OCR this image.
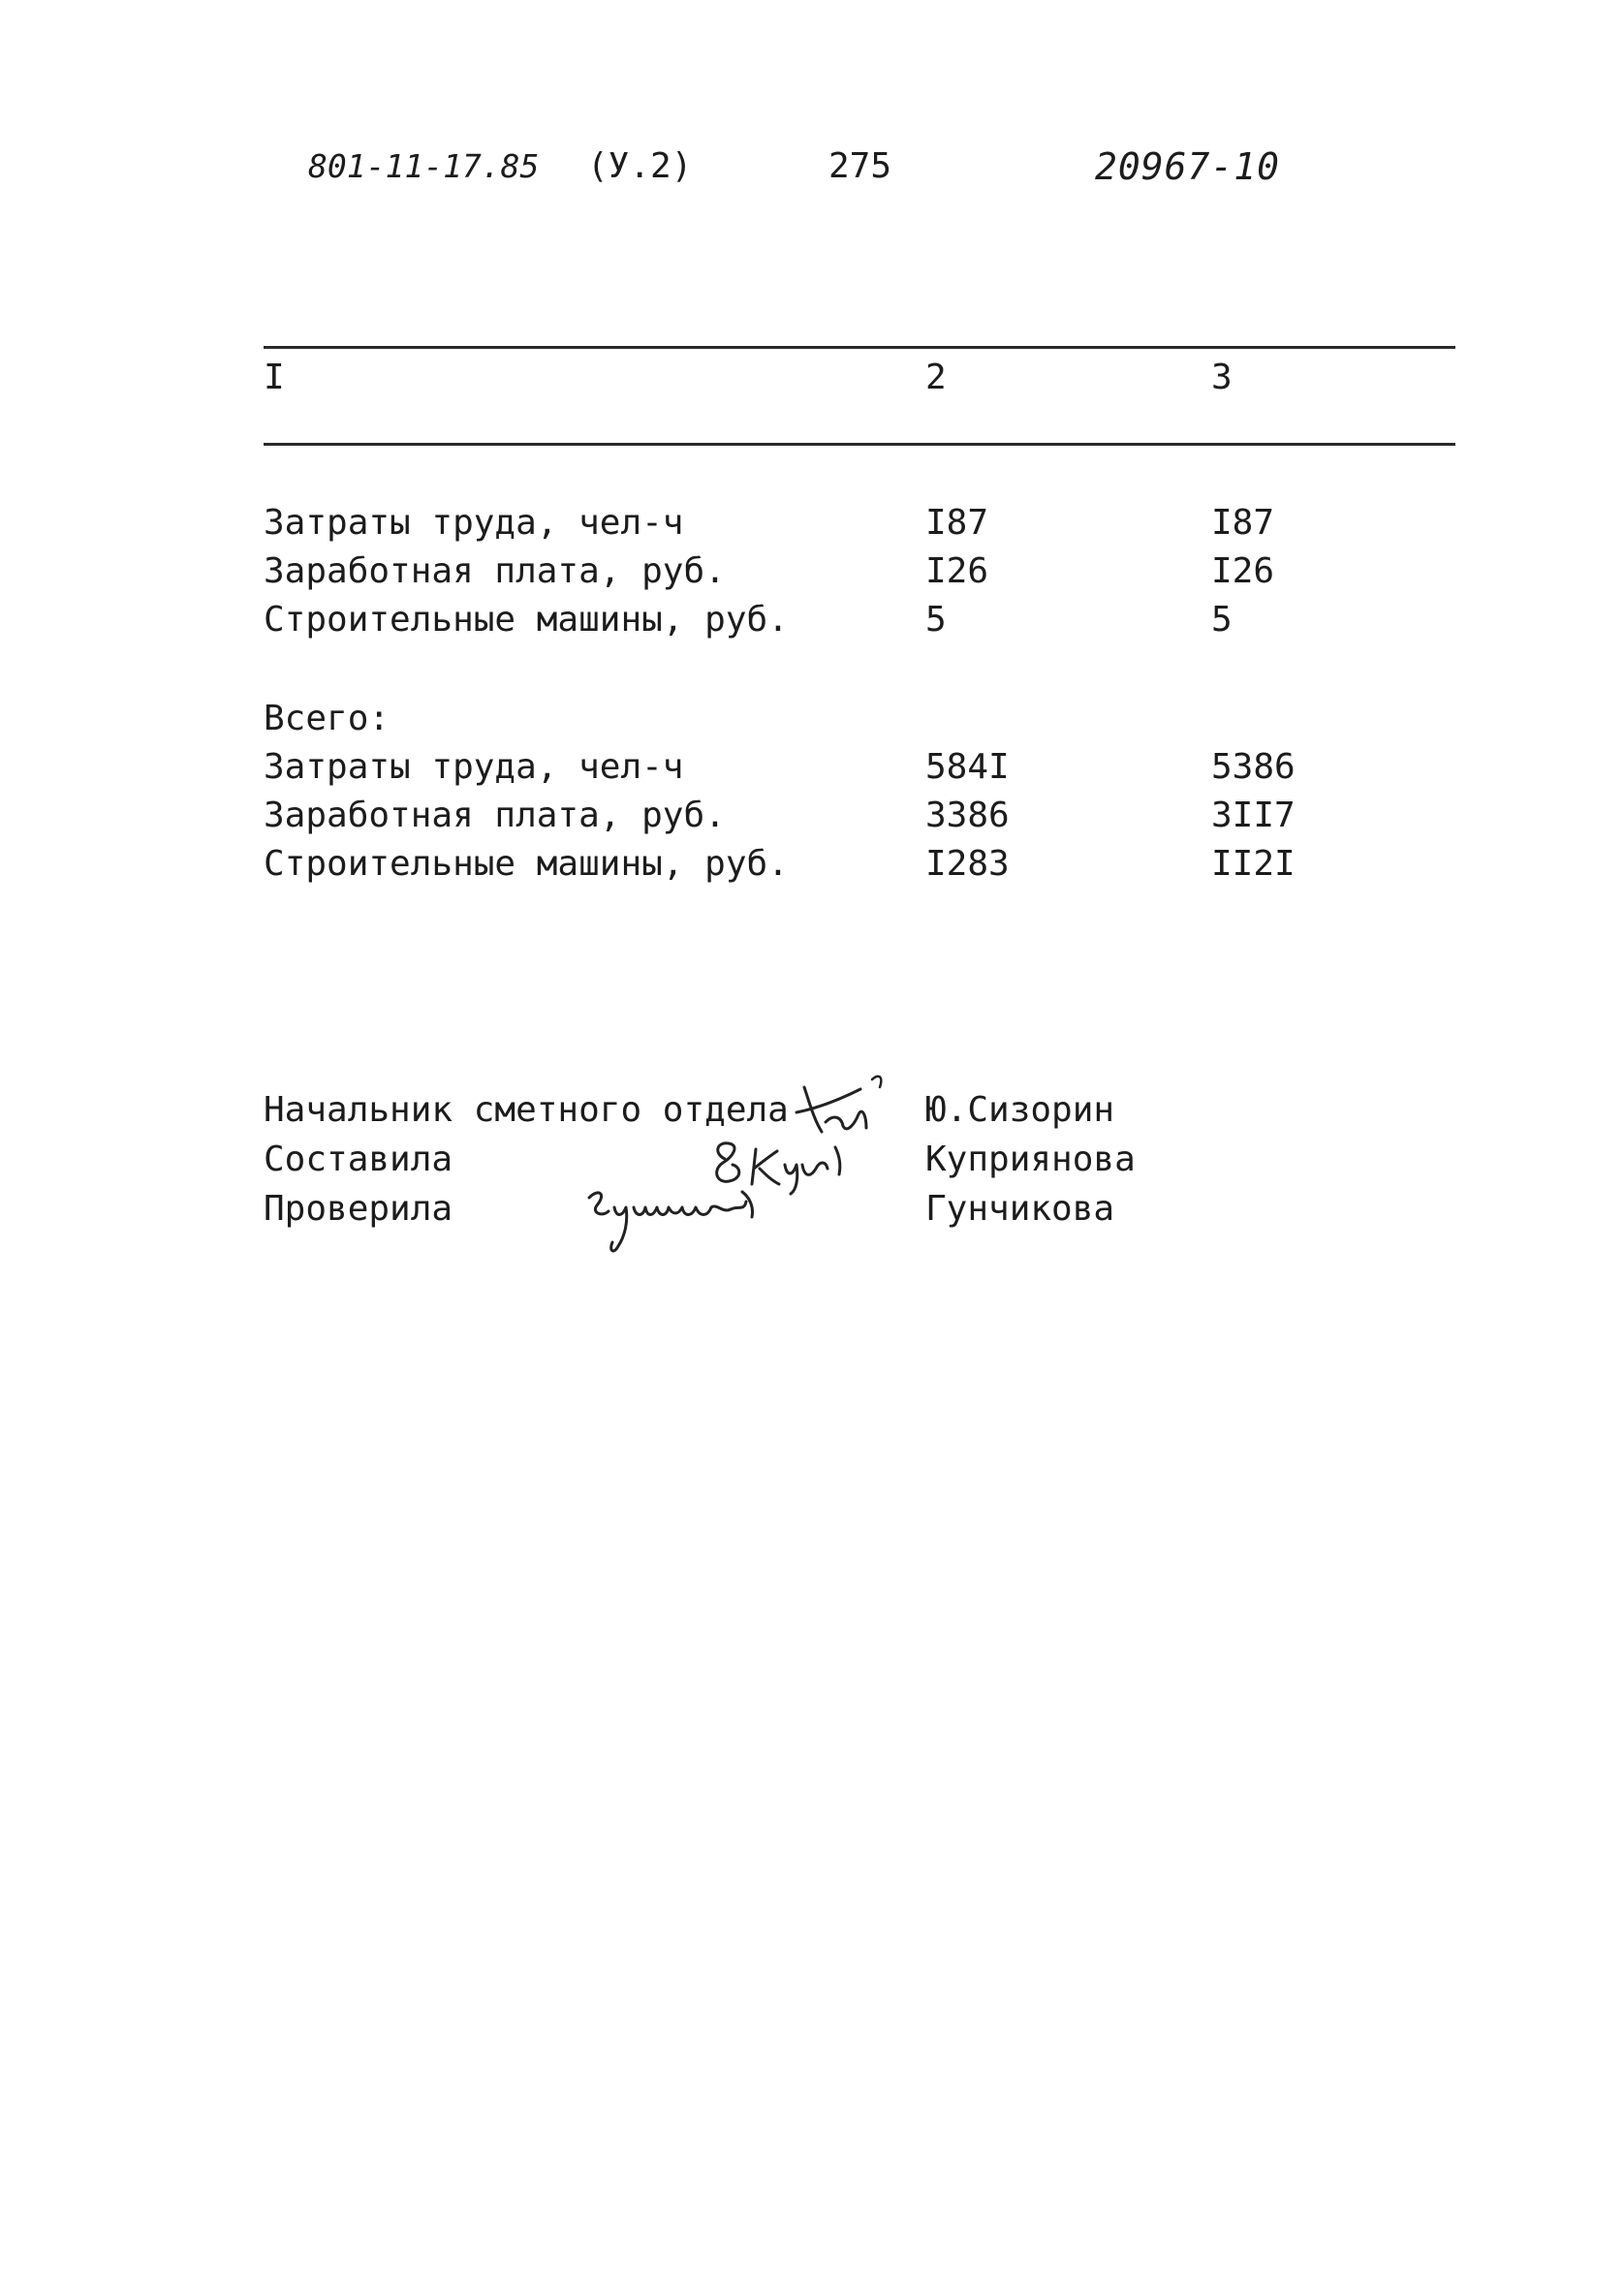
801-11-17.85 (У.2)	275	20967-10
I	2	3
Затраты труда, чел-ч	I87	I87
Заработная плата, руб.	I26	I26
Строительные машины, руб.	5	5
Всего:
Затраты труда, чел-ч	584I	5386
Заработная плата, руб.	3386	3II7
Строительные машины, руб.	I283	II2I
Начальник сметного отдела	Ю.Сизорин
Составила	Куприянова
Проверила	Гунчикова
